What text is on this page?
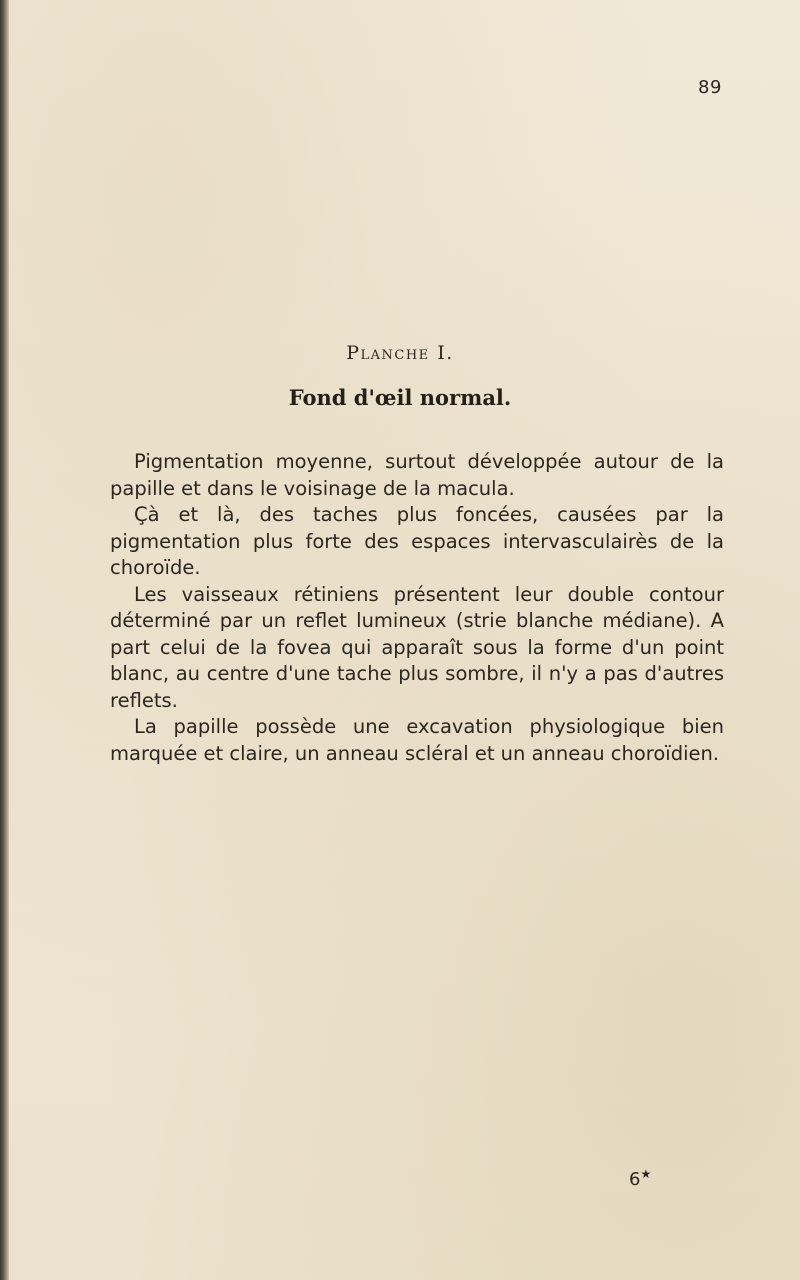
89
Planche I.
Fond d'œil normal.

Pigmentation moyenne, surtout développée autour de la papille et dans le voisinage de la macula.

Çà et là, des taches plus foncées, causées par la pigmentation plus forte des espaces intervasculairès de la choroïde.

Les vaisseaux rétiniens présentent leur double contour déterminé par un reflet lumineux (strie blanche médiane). A part celui de la fovea qui apparaît sous la forme d'un point blanc, au centre d'une tache plus sombre, il n'y a pas d'autres reflets.

La papille possède une excavation physiologique bien marquée et claire, un anneau scléral et un anneau choroïdien.

6★
